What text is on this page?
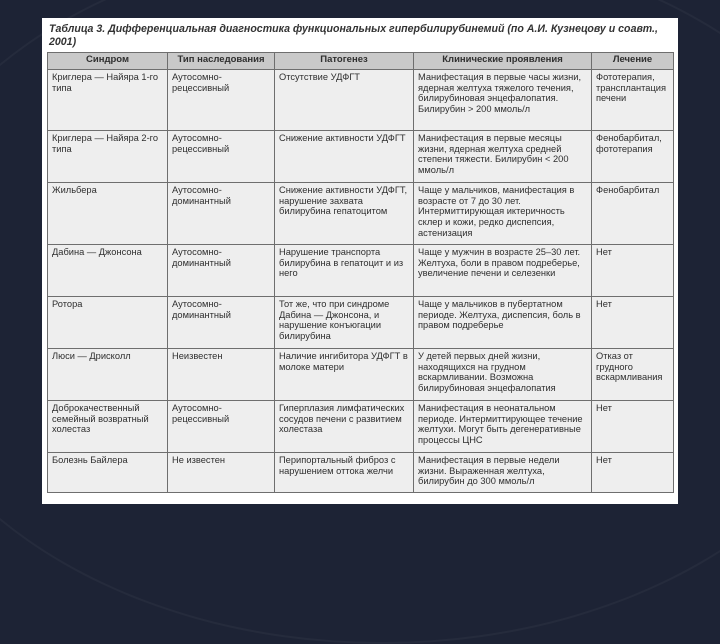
Таблица 3. Дифференциальная диагностика функциональных гипербилирубинемий (по А.И. Кузнецову и соавт., 2001)
Синдром	Тип наследования	Патогенез	Клинические проявления	Лечение
Криглера — Найяра 1-го типа	Аутосомно-рецессивный	Отсутствие УДФГТ	Манифестация в первые часы жизни, ядерная желтуха тяжелого течения, билирубиновая энцефалопатия. Билирубин > 200 ммоль/л	Фототерапия, трансплантация печени
Криглера — Найяра 2-го типа	Аутосомно-рецессивный	Снижение активности УДФГТ	Манифестация в первые месяцы жизни, ядерная желтуха средней степени тяжести. Билирубин < 200 ммоль/л	Фенобарбитал, фототерапия
Жильбера	Аутосомно-доминантный	Снижение активности УДФГТ, нарушение захвата билирубина гепатоцитом	Чаще у мальчиков, манифестация в возрасте от 7 до 30 лет. Интермиттирующая иктеричность склер и кожи, редко диспепсия, астенизация	Фенобарбитал
Дабина — Джонсона	Аутосомно-доминантный	Нарушение транспорта билирубина в гепатоцит и из него	Чаще у мужчин в возрасте 25–30 лет. Желтуха, боли в правом подреберье, увеличение печени и селезенки	Нет
Ротора	Аутосомно-доминантный	Тот же, что при синдроме Дабина — Джонсона, и нарушение конъюгации билирубина	Чаще у мальчиков в пубертатном периоде. Желтуха, диспепсия, боль в правом подреберье	Нет
Люси — Дрисколл	Неизвестен	Наличие ингибитора УДФГТ в молоке матери	У детей первых дней жизни, находящихся на грудном вскармливании. Возможна билирубиновая энцефалопатия	Отказ от грудного вскармливания
Доброкачественный семейный возвратный холестаз	Аутосомно-рецессивный	Гиперплазия лимфатических сосудов печени с развитием холестаза	Манифестация в неонатальном периоде. Интермиттирующее течение желтухи. Могут быть дегенеративные процессы ЦНС	Нет
Болезнь Байлера	Не известен	Перипортальный фиброз с нарушением оттока желчи	Манифестация в первые недели жизни. Выраженная желтуха, билирубин до 300 ммоль/л	Нет
